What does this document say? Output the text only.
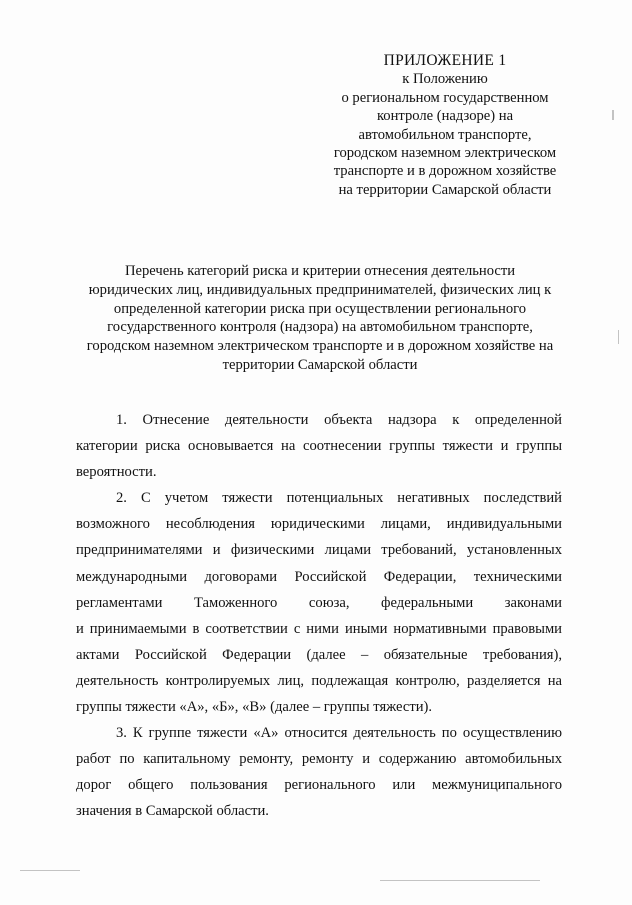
ПРИЛОЖЕНИЕ 1
к Положению
о региональном государственном
контроле (надзоре) на
автомобильном транспорте,
городском наземном электрическом
транспорте и в дорожном хозяйстве
на территории Самарской области
Перечень категорий риска и критерии отнесения деятельности
юридических лиц, индивидуальных предпринимателей, физических лиц к
определенной категории риска при осуществлении регионального
государственного контроля (надзора) на автомобильном транспорте,
городском наземном электрическом транспорте и в дорожном хозяйстве на
территории Самарской области

1. Отнесение деятельности объекта надзора к определенной
категории риска основывается на соотнесении группы тяжести и группы
вероятности.

2. С учетом тяжести потенциальных негативных последствий
возможного несоблюдения юридическими лицами, индивидуальными
предпринимателями и физическими лицами требований, установленных
международными договорами Российской Федерации, техническими
регламентами Таможенного союза, федеральными законами
и принимаемыми в соответствии с ними иными нормативными правовыми
актами Российской Федерации (далее – обязательные требования),
деятельность контролируемых лиц, подлежащая контролю, разделяется на
группы тяжести «А», «Б», «В» (далее – группы тяжести).

3. К группе тяжести «А» относится деятельность по осуществлению
работ по капитальному ремонту, ремонту и содержанию автомобильных
дорог общего пользования регионального или межмуниципального
значения в Самарской области.
